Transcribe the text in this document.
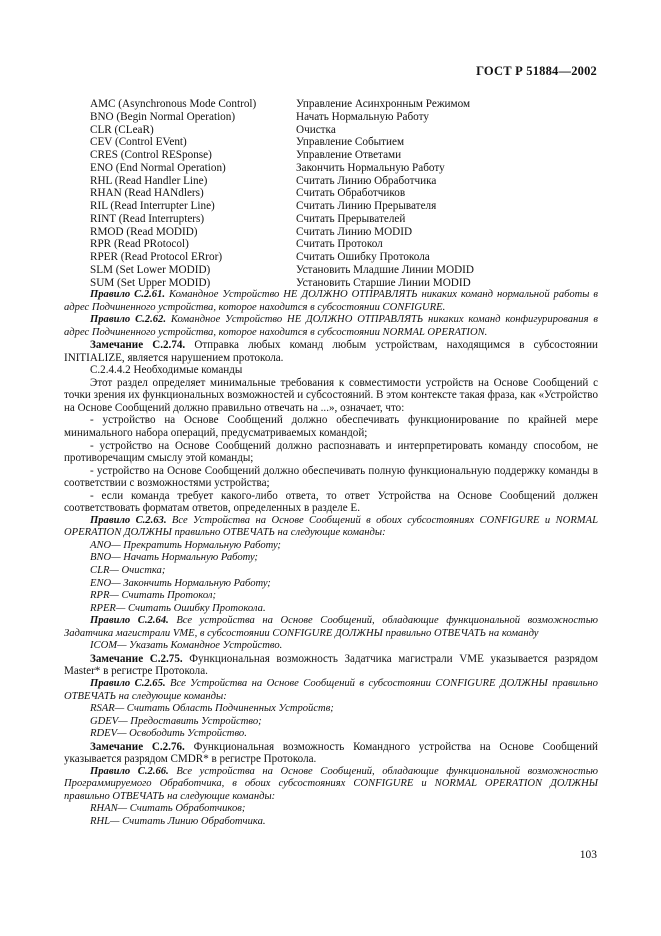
ГОСТ Р 51884—2002
AMC (Asynchronous Mode Control)	Управление Асинхронным Режимом
BNO (Begin Normal Operation)	Начать Нормальную Работу
CLR (CLeaR)	Очистка
CEV (Control EVent)	Управление Событием
CRES (Control RESponse)	Управление Ответами
ENO (End Normal Operation)	Закончить Нормальную Работу
RHL (Read Handler Line)	Считать Линию Обработчика
RHAN (Read HANdlers)	Считать Обработчиков
RIL (Read Interrupter Line)	Считать Линию Прерывателя
RINT (Read Interrupters)	Считать Прерывателей
RMOD (Read MODID)	Считать Линию MODID
RPR (Read PRotocol)	Считать Протокол
RPER (Read Protocol ERror)	Считать Ошибку Протокола
SLM (Set Lower MODID)	Установить Младшие Линии MODID
SUM (Set Upper MODID)	Установить Старшие Линии MODID

Правило С.2.61. Командное Устройство НЕ ДОЛЖНО ОТПРАВЛЯТЬ никаких команд нормальной работы в адрес Подчиненного устройства, которое находится в субсостоянии CONFIGURE.

Правило С.2.62. Командное Устройство НЕ ДОЛЖНО ОТПРАВЛЯТЬ никаких команд конфигурирования в адрес Подчиненного устройства, которое находится в субсостоянии NORMAL OPERATION.

Замечание С.2.74. Отправка любых команд любым устройствам, находящимся в субсостоянии INITIALIZE, является нарушением протокола.

С.2.4.4.2 Необходимые команды

Этот раздел определяет минимальные требования к совместимости устройств на Основе Сообщений с точки зрения их функциональных возможностей и субсостояний. В этом контексте такая фраза, как «Устройство на Основе Сообщений должно правильно отвечать на ...», означает, что:

- устройство на Основе Сообщений должно обеспечивать функционирование по крайней мере минимального набора операций, предусматриваемых командой;

- устройство на Основе Сообщений должно распознавать и интерпретировать команду способом, не противоречащим смыслу этой команды;

- устройство на Основе Сообщений должно обеспечивать полную функциональную поддержку команды в соответствии с возможностями устройства;

- если команда требует какого-либо ответа, то ответ Устройства на Основе Сообщений должен соответствовать форматам ответов, определенных в разделе Е.

Правило С.2.63. Все Устройства на Основе Сообщений в обоих субсостояниях CONFIGURE и NORMAL OPERATION ДОЛЖНЫ правильно ОТВЕЧАТЬ на следующие команды:

ANO— Прекратить Нормальную Работу;

BNO— Начать Нормальную Работу;

CLR— Очистка;

ENO— Закончить Нормальную Работу;

RPR— Считать Протокол;

RPER— Считать Ошибку Протокола.

Правило С.2.64. Все устройства на Основе Сообщений, обладающие функциональной возможностью Задатчика магистрали VME, в субсостоянии CONFIGURE ДОЛЖНЫ правильно ОТВЕЧАТЬ на команду

ICOM— Указать Командное Устройство.

Замечание С.2.75. Функциональная возможность Задатчика магистрали VME указывается разрядом Master* в регистре Протокола.

Правило С.2.65. Все Устройства на Основе Сообщений в субсостоянии CONFIGURE ДОЛЖНЫ правильно ОТВЕЧАТЬ на следующие команды:

RSAR— Считать Область Подчиненных Устройств;

GDEV— Предоставить Устройство;

RDEV— Освободить Устройство.

Замечание С.2.76. Функциональная возможность Командного устройства на Основе Сообщений указывается разрядом CMDR* в регистре Протокола.

Правило С.2.66. Все устройства на Основе Сообщений, обладающие функциональной возможностью Программируемого Обработчика, в обоих субсостояниях CONFIGURE и NORMAL OPERATION ДОЛЖНЫ правильно ОТВЕЧАТЬ на следующие команды:

RHAN— Считать Обработчиков;

RHL— Считать Линию Обработчика.

103
